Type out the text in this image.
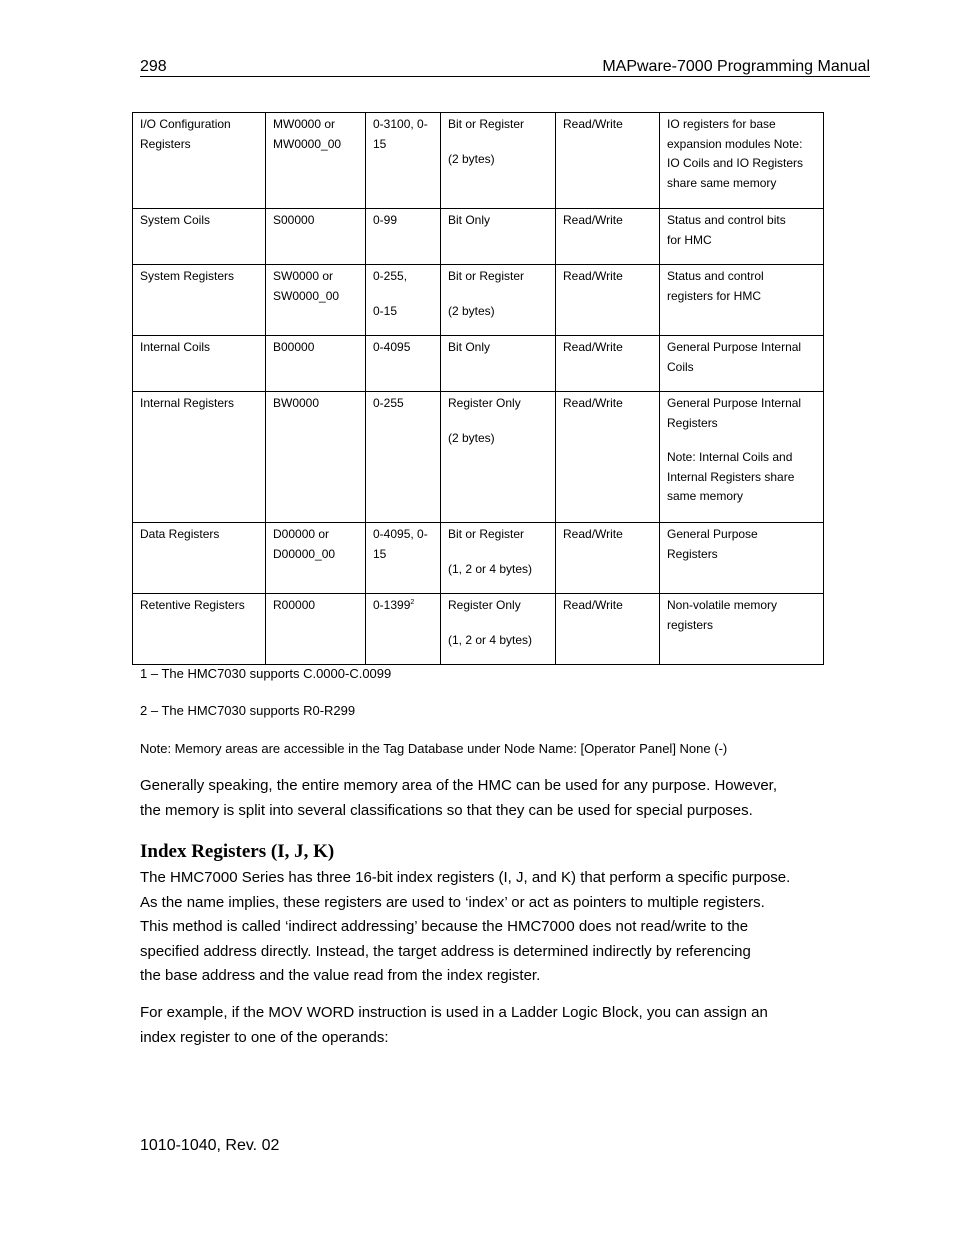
298	MAPware-7000 Programming Manual
I/O Configuration
Registers	MW0000 or
MW0000_00	0-3100, 0-
15	Bit or Register
(2 bytes)	Read/Write	IO registers for base
expansion modules Note:
IO Coils and IO Registers
share same memory

System Coils	S00000	0-99	Bit Only	Read/Write	Status and control bits
for HMC

System Registers	SW0000 or
SW0000_00	0-255,
0-15	Bit or Register
(2 bytes)	Read/Write	Status and control
registers for HMC

Internal Coils	B00000	0-4095	Bit Only	Read/Write	General Purpose Internal
Coils

Internal Registers	BW0000	0-255	Register Only
(2 bytes)	Read/Write	General Purpose Internal
Registers
Note: Internal Coils and
Internal Registers share
same memory

Data Registers	D00000 or
D00000_00	0-4095, 0-
15	Bit or Register
(1, 2 or 4 bytes)	Read/Write	General Purpose
Registers

Retentive Registers	R00000	0-1399$^2$	Register Only
(1, 2 or 4 bytes)	Read/Write	Non-volatile memory
registers
1 – The HMC7030 supports C.0000-C.0099
2 – The HMC7030 supports R0-R299
Note: Memory areas are accessible in the Tag Database under Node Name: [Operator Panel] None (-)

Generally speaking, the entire memory area of the HMC can be used for any purpose. However,
the memory is split into several classifications so that they can be used for special purposes.

Index Registers (I, J, K)

The HMC7000 Series has three 16-bit index registers (I, J, and K) that perform a specific purpose.
As the name implies, these registers are used to ‘index’ or act as pointers to multiple registers.
This method is called ‘indirect addressing’ because the HMC7000 does not read/write to the
specified address directly. Instead, the target address is determined indirectly by referencing
the base address and the value read from the index register.

For example, if the MOV WORD instruction is used in a Ladder Logic Block, you can assign an
index register to one of the operands:

1010-1040, Rev. 02
